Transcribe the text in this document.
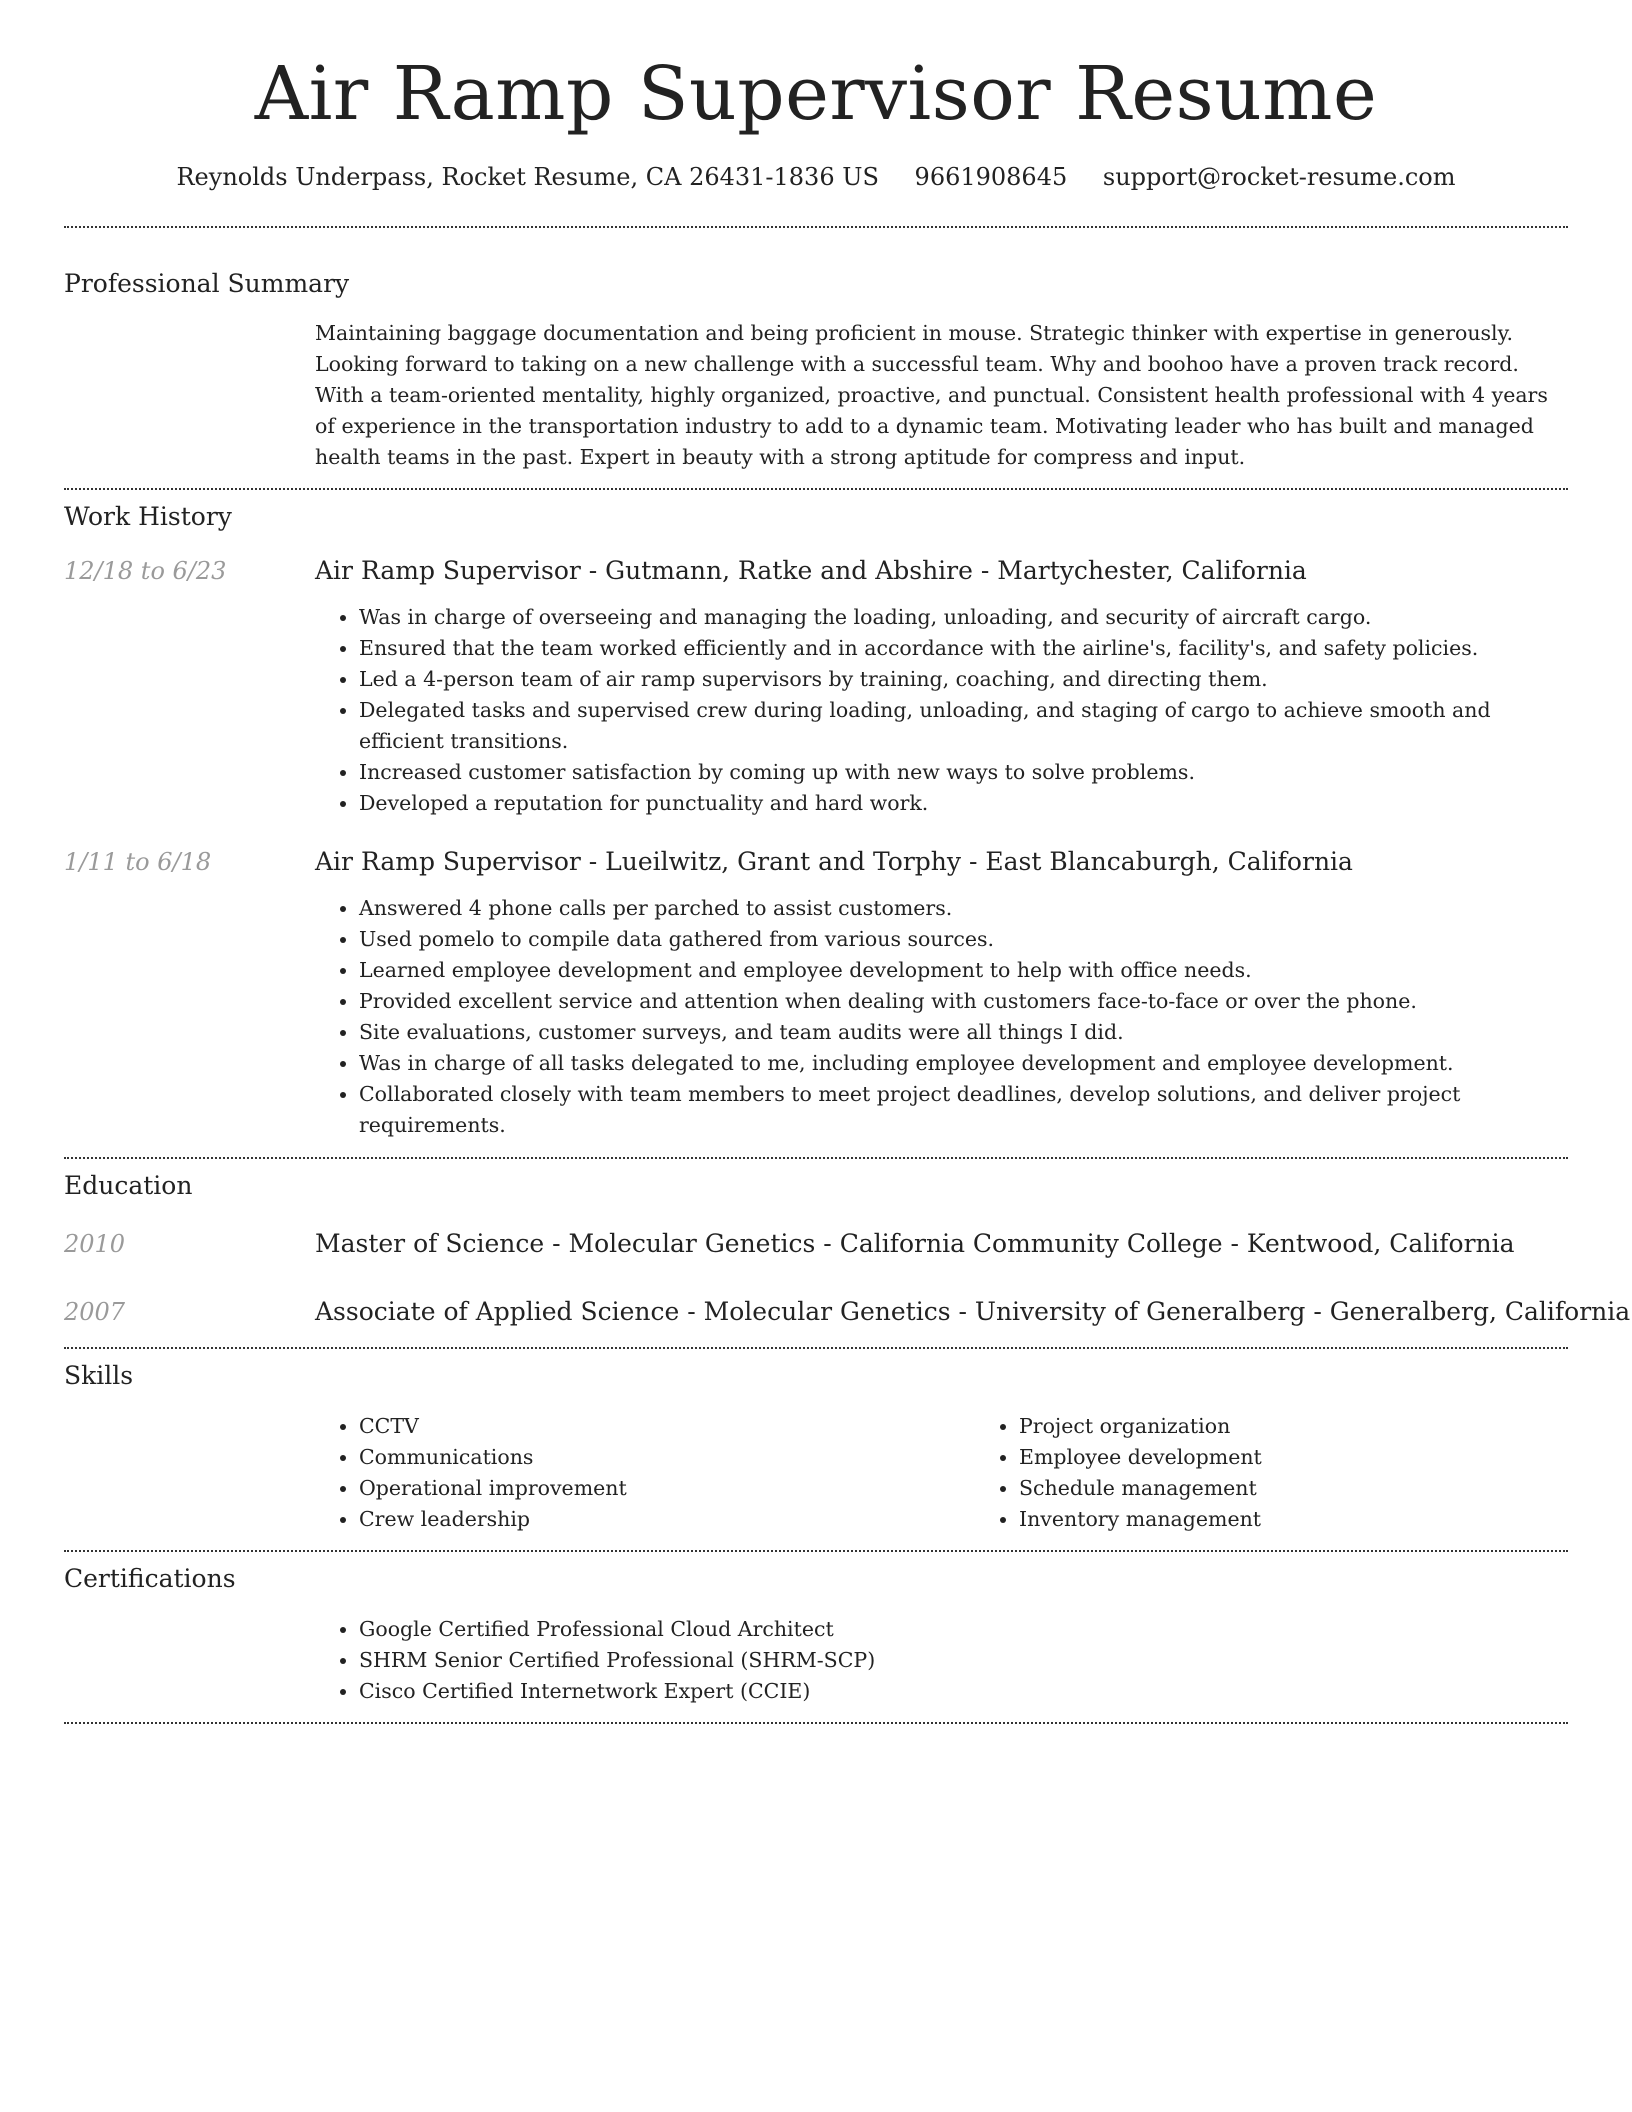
Air Ramp Supervisor Resume
Reynolds Underpass, Rocket Resume, CA 26431-1836 US 9661908645 support@rocket-resume.com
Professional Summary
Maintaining baggage documentation and being proficient in mouse. Strategic thinker with expertise in generously. Looking forward to taking on a new challenge with a successful team. Why and boohoo have a proven track record. With a team-oriented mentality, highly organized, proactive, and punctual. Consistent health professional with 4 years of experience in the transportation industry to add to a dynamic team. Motivating leader who has built and managed health teams in the past. Expert in beauty with a strong aptitude for compress and input.
Work History
12/18 to 6/23	Air Ramp Supervisor - Gutmann, Ratke and Abshire - Martychester, California
• Was in charge of overseeing and managing the loading, unloading, and security of aircraft cargo.
• Ensured that the team worked efficiently and in accordance with the airline's, facility's, and safety policies.
• Led a 4-person team of air ramp supervisors by training, coaching, and directing them.
• Delegated tasks and supervised crew during loading, unloading, and staging of cargo to achieve smooth and efficient transitions.
• Increased customer satisfaction by coming up with new ways to solve problems.
• Developed a reputation for punctuality and hard work.
1/11 to 6/18	Air Ramp Supervisor - Lueilwitz, Grant and Torphy - East Blancaburgh, California
• Answered 4 phone calls per parched to assist customers.
• Used pomelo to compile data gathered from various sources.
• Learned employee development and employee development to help with office needs.
• Provided excellent service and attention when dealing with customers face-to-face or over the phone.
• Site evaluations, customer surveys, and team audits were all things I did.
• Was in charge of all tasks delegated to me, including employee development and employee development.
• Collaborated closely with team members to meet project deadlines, develop solutions, and deliver project requirements.
Education
2010	Master of Science - Molecular Genetics - California Community College - Kentwood, California
2007	Associate of Applied Science - Molecular Genetics - University of Generalberg - Generalberg, California
Skills
• CCTV
• Communications
• Operational improvement
• Crew leadership
• Project organization
• Employee development
• Schedule management
• Inventory management
Certifications
• Google Certified Professional Cloud Architect
• SHRM Senior Certified Professional (SHRM-SCP)
• Cisco Certified Internetwork Expert (CCIE)
